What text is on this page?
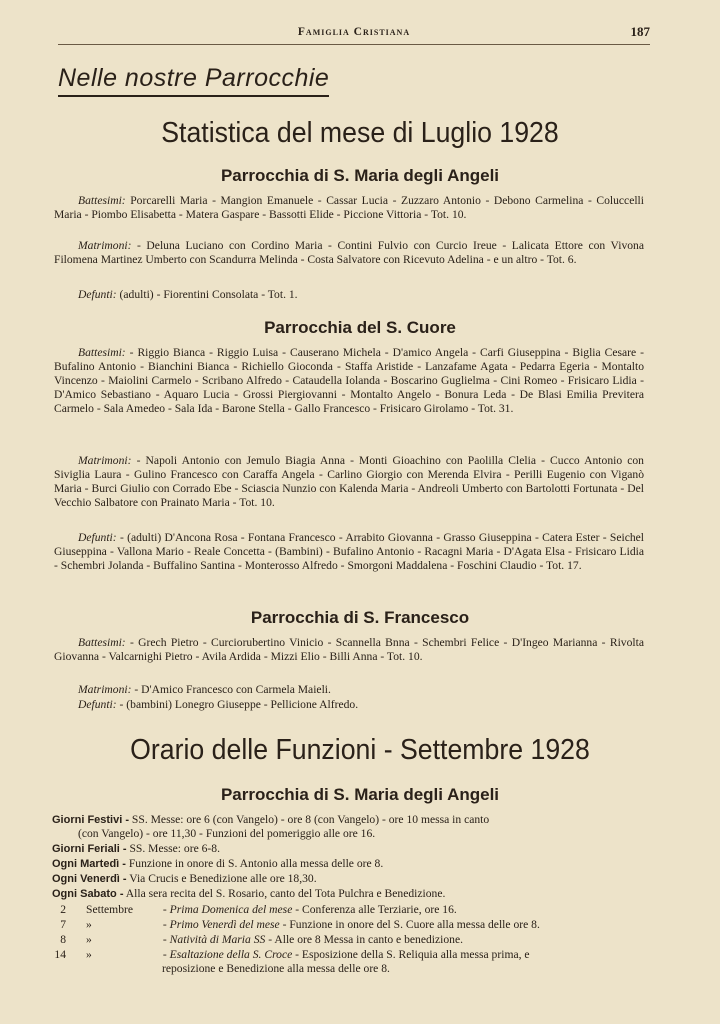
Famiglia Cristiana	187
Nelle nostre Parrocchie
Statistica del mese di Luglio 1928
Parrocchia di S. Maria degli Angeli
Battesimi: Porcarelli Maria - Mangion Emanuele - Cassar Lucia - Zuzzaro Antonio - Debono Carmelina - Coluccelli Maria - Piombo Elisabetta - Matera Gaspare - Bassotti Elide - Piccione Vittoria - Tot. 10.
Matrimoni: - Deluna Luciano con Cordino Maria - Contini Fulvio con Curcio Ireue - Lalicata Ettore con Vivona Filomena Martinez Umberto con Scandurra Melinda - Costa Salvatore con Ricevuto Adelina - e un altro - Tot. 6.
Defunti: (adulti) - Fiorentini Consolata - Tot. 1.
Parrocchia del S. Cuore
Battesimi: - Riggio Bianca - Riggio Luisa - Causerano Michela - D'amico Angela - Carfi Giuseppina - Biglia Cesare - Bufalino Antonio - Bianchini Bianca - Richiello Gioconda - Staffa Aristide - Lanzafame Agata - Pedarra Egeria - Montalto Vincenzo - Maiolini Carmelo - Scribano Alfredo - Cataudella Iolanda - Boscarino Guglielma - Cini Romeo - Frisicaro Lidia - D'Amico Sebastiano - Aquaro Lucia - Grossi Piergiovanni - Montalto Angelo - Bonura Leda - De Blasi Emilia Previtera Carmelo - Sala Amedeo - Sala Ida - Barone Stella - Gallo Francesco - Frisicaro Girolamo - Tot. 31.
Matrimoni: - Napoli Antonio con Jemulo Biagia Anna - Monti Gioachino con Paolilla Clelia - Cucco Antonio con Siviglia Laura - Gulino Francesco con Caraffa Angela - Carlino Giorgio con Merenda Elvira - Perilli Eugenio con Viganò Maria - Burci Giulio con Corrado Ebe - Sciascia Nunzio con Kalenda Maria - Andreoli Umberto con Bartolotti Fortunata - Del Vecchio Salbatore con Prainato Maria - Tot. 10.
Defunti: - (adulti) D'Ancona Rosa - Fontana Francesco - Arrabito Giovanna - Grasso Giuseppina - Catera Ester - Seichel Giuseppina - Vallona Mario - Reale Concetta - (Bambini) - Bufalino Antonio - Racagni Maria - D'Agata Elsa - Frisicaro Lidia - Schembri Jolanda - Buffalino Santina - Monterosso Alfredo - Smorgoni Maddalena - Foschini Claudio - Tot. 17.
Parrocchia di S. Francesco
Battesimi: - Grech Pietro - Curciorubertino Vinicio - Scannella Bnna - Schembri Felice - D'Ingeo Marianna - Rivolta Giovanna - Valcarnighi Pietro - Avila Ardida - Mizzi Elio - Billi Anna - Tot. 10.
Matrimoni: - D'Amico Francesco con Carmela Maieli.
Defunti: - (bambini) Lonegro Giuseppe - Pellicione Alfredo.
Orario delle Funzioni - Settembre 1928
Parrocchia di S. Maria degli Angeli
Giorni Festivi - SS. Messe: ore 6 (con Vangelo) - ore 8 (con Vangelo) - ore 10 messa in canto
(con Vangelo) - ore 11,30 - Funzioni del pomeriggio alle ore 16.
Giorni Feriali - SS. Messe: ore 6-8.
Ogni Martedì - Funzione in onore di S. Antonio alla messa delle ore 8.
Ogni Venerdì - Via Crucis e Benedizione alle ore 18,30.
Ogni Sabato - Alla sera recita del S. Rosario, canto del Tota Pulchra e Benedizione.
2 Settembre - Prima Domenica del mese - Conferenza alle Terziarie, ore 16.
7 »	- Primo Venerdì del mese - Funzione in onore del S. Cuore alla messa delle ore 8.
8 »	- Natività di Maria SS - Alle ore 8 Messa in canto e benedizione.
14 »	- Esaltazione della S. Croce - Esposizione della S. Reliquia alla messa prima, e
reposizione e Benedizione alla messa delle ore 8.
